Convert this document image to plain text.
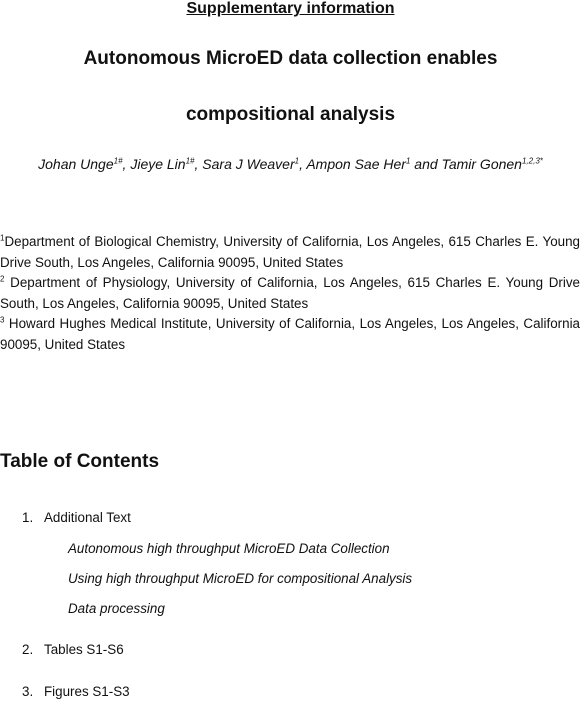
Supplementary information
Autonomous MicroED data collection enables
compositional analysis
Johan Unge$^{1\#}$, Jieye Lin$^{1\#}$, Sara J Weaver$^1$, Ampon Sae Her$^1$ and Tamir Gonen$^{1,2,3*}$
$^1$Department of Biological Chemistry, University of California, Los Angeles, 615 Charles E. Young Drive South, Los Angeles, California 90095, United States
$^2$ Department of Physiology, University of California, Los Angeles, 615 Charles E. Young Drive South, Los Angeles, California 90095, United States
$^3$ Howard Hughes Medical Institute, University of California, Los Angeles, Los Angeles, California 90095, United States
Table of Contents
1. Additional Text
Autonomous high throughput MicroED Data Collection
Using high throughput MicroED for compositional Analysis
Data processing
2. Tables S1-S6
3. Figures S1-S3
